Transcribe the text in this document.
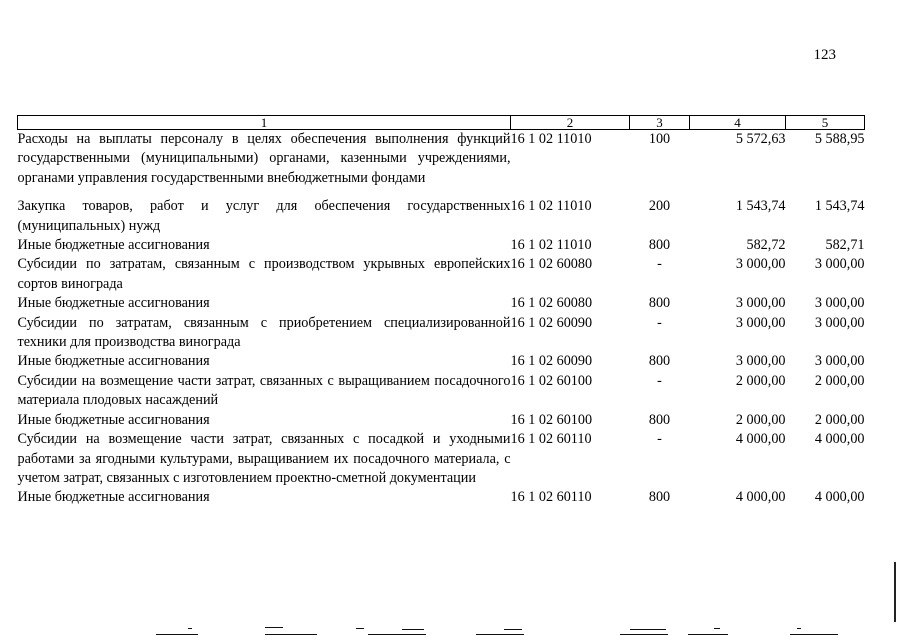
123
1	2	3	4	5
Расходы на выплаты персоналу в целях обеспечения выполнения функций государственными (муниципальными) органами, казенными учреждениями, органами управления государственными внебюджетными фондами	16 1 02 11010	100	5 572,63	5 588,95
Закупка товаров, работ и услуг для обеспечения государственных (муниципальных) нужд	16 1 02 11010	200	1 543,74	1 543,74
Иные бюджетные ассигнования	16 1 02 11010	800	582,72	582,71
Субсидии по затратам, связанным с производством укрывных европейских сортов винограда	16 1 02 60080	-	3 000,00	3 000,00
Иные бюджетные ассигнования	16 1 02 60080	800	3 000,00	3 000,00
Субсидии по затратам, связанным с приобретением специализированной техники для производства винограда	16 1 02 60090	-	3 000,00	3 000,00
Иные бюджетные ассигнования	16 1 02 60090	800	3 000,00	3 000,00
Субсидии на возмещение части затрат, связанных с выращиванием посадочного материала плодовых насаждений	16 1 02 60100	-	2 000,00	2 000,00
Иные бюджетные ассигнования	16 1 02 60100	800	2 000,00	2 000,00
Субсидии на возмещение части затрат, связанных с посадкой и уходными работами за ягодными культурами, выращиванием их посадочного материала, с учетом затрат, связанных с изготовлением проектно-сметной документации	16 1 02 60110	-	4 000,00	4 000,00
Иные бюджетные ассигнования	16 1 02 60110	800	4 000,00	4 000,00
